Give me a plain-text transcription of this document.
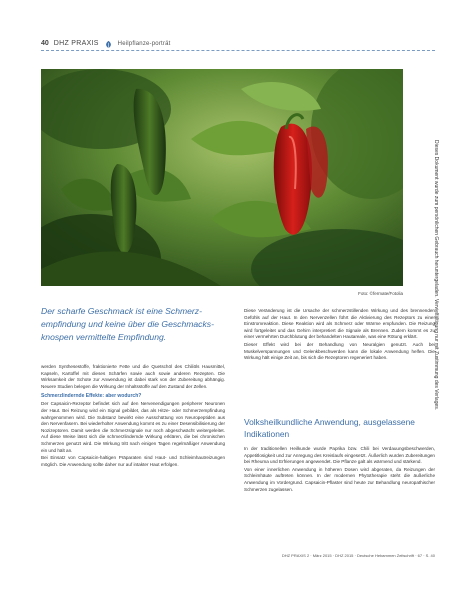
40 DHZ PRAXIS	Heilpflanze-porträt
Foto: ©fermate/Fotolia	Dieses Dokument wurde zum persönlichen Gebrauch heruntergeladen. Vervielfältigung nur mit Zustimmung des Verlages.
Der scharfe Geschmack ist eine Schmerz-empfindung und keine über die Geschmacks-knospen vermittelte Empfindung.

werden Synthesestoffe, fraktionierte Fette und die Quetschöl des Chiliöls Hausmittel, Kapseln, Kartoffel mit dieses Schärfen sowie auch sowie anderen Rezepten. Die Wirksamkeit der Schote zur Anwendung ist dabei stark von der Zubereitung abhängig. Neuere Studien belegen die Wirkung der Inhaltsstoffe auf den Zustand der Zellen.

Schmerzlindernde Effekte: aber wodurch?

Der Capsaicin-Rezeptor befindet sich auf den Nervenendigungen peripherer Neuronen der Haut. Bei Reizung wird ein Signal gebildet, das als Hitze- oder Schmerzempfindung wahrgenommen wird. Die Substanz bewirkt eine Ausschüttung von Neuropeptiden aus den Nervenfasern. Bei wiederholter Anwendung kommt es zu einer Desensibilisierung der Nozizeptoren. Damit werden die Schmerzsignale nur noch abgeschwächt weitergeleitet. Auf diese Weise lässt sich die schmerzlindernde Wirkung erklären, die bei chronischen Schmerzen genutzt wird. Die Wirkung tritt nach einigen Tagen regelmäßiger Anwendung ein und hält an.

Bei Einsatz von Capsaicin-haltigen Präparaten sind Haut- und Schleimhautreizungen möglich. Die Anwendung sollte daher nur auf intakter Haut erfolgen.

Diese Veränderung ist die Ursache der schmerzstillenden Wirkung und des brennenden Gefühls auf der Haut. In den Nervenzellen führt die Aktivierung des Rezeptors zu einer Einstromreaktion. Diese Reaktion wird als Schmerz oder Wärme empfunden. Die Reizung wird fortgeleitet und das Gehirn interpretiert die Signale als Brennen. Zudem kommt es zu einer vermehrten Durchblutung der behandelten Hautareale, was eine Rötung erklärt.

Dieser Effekt wird bei der Behandlung von Neuralgien genutzt. Auch bei Muskelverspannungen und Gelenkbeschwerden kann die lokale Anwendung helfen. Die Wirkung hält einige Zeit an, bis sich die Rezeptoren regeneriert haben.

Volksheilkundliche Anwendung, ausgelassene Indikationen

In der traditionellen Heilkunde wurde Paprika bzw. Chili bei Verdauungsbeschwerden, Appetitlosigkeit und zur Anregung des Kreislaufs eingesetzt. Äußerlich wurden Zubereitungen bei Rheuma und Erfrierungen angewendet. Die Pflanze galt als wärmend und stärkend.

Von einer innerlichen Anwendung in höheren Dosen wird abgeraten, da Reizungen der Schleimhäute auftreten können. In der modernen Phytotherapie steht die äußerliche Anwendung im Vordergrund. Capsaicin-Pflaster sind heute zur Behandlung neuropathischer Schmerzen zugelassen.

DHZ PRAXIS 2 · März 2015 · DHZ 2015 · Deutsche Hebammen Zeitschrift · 67 · S. 40
